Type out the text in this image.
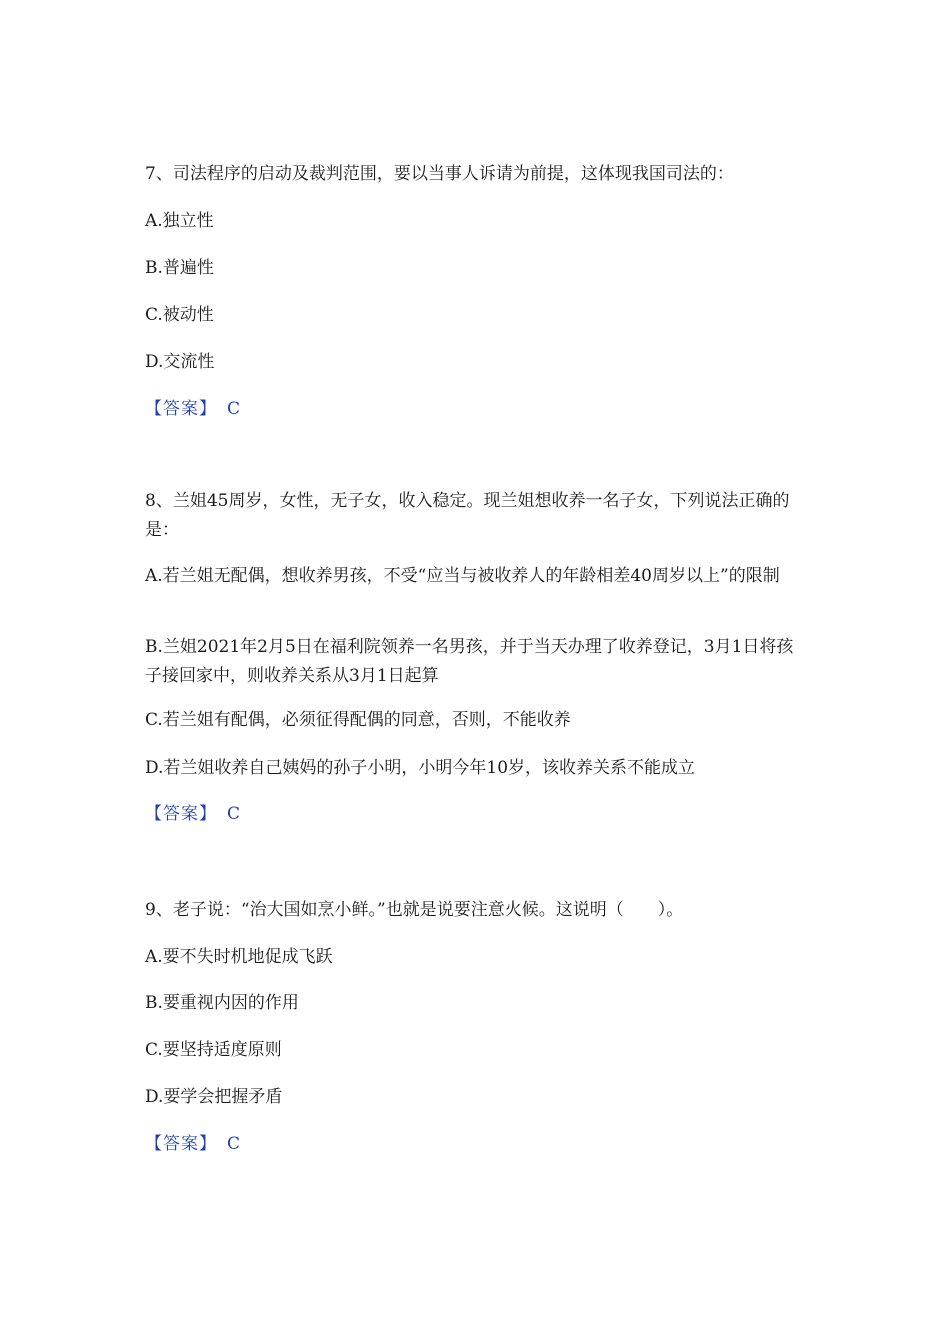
7、司法程序的启动及裁判范围，要以当事人诉请为前提，这体现我国司法的：
A.独立性
B.普遍性
C.被动性
D.交流性
【答案】 C
8、兰姐45周岁，女性，无子女，收入稳定。现兰姐想收养一名子女，下列说法正确的是：
A.若兰姐无配偶，想收养男孩，不受“应当与被收养人的年龄相差40周岁以上”的限制
B.兰姐2021年2月5日在福利院领养一名男孩，并于当天办理了收养登记，3月1日将孩子接回家中，则收养关系从3月1日起算
C.若兰姐有配偶，必须征得配偶的同意，否则，不能收养
D.若兰姐收养自己姨妈的孙子小明，小明今年10岁，该收养关系不能成立
【答案】 C
9、老子说：“治大国如烹小鲜。”也就是说要注意火候。这说明（　　）。
A.要不失时机地促成飞跃
B.要重视内因的作用
C.要坚持适度原则
D.要学会把握矛盾
【答案】 C
